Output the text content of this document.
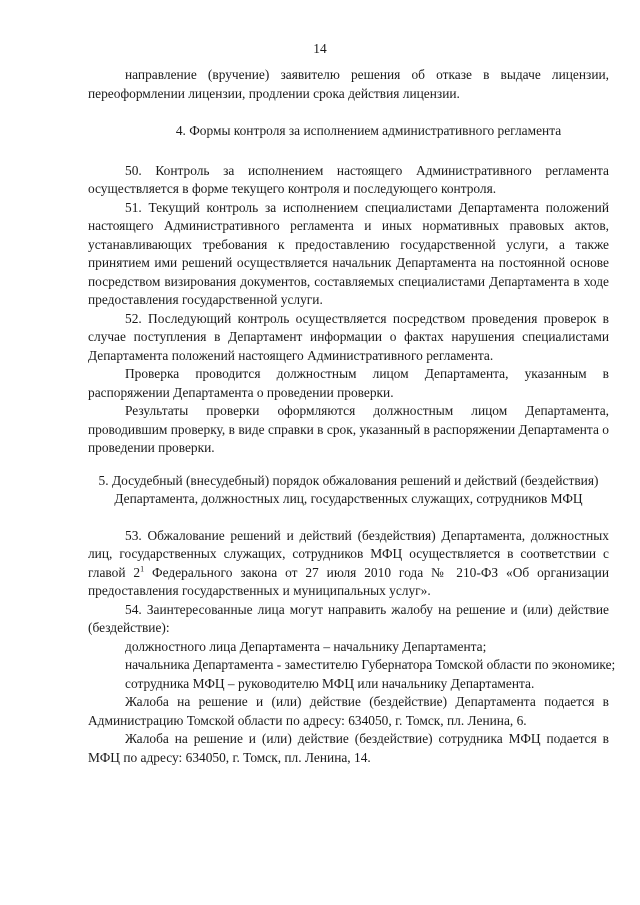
14

направление (вручение) заявителю решения об отказе в выдаче лицензии,

переоформлении лицензии, продлении срока действия лицензии.

4. Формы контроля за исполнением административного регламента

50. Контроль за исполнением настоящего Административного регламента осуществляется в форме текущего контроля и последующего контроля.

51. Текущий контроль за исполнением специалистами Департамента положений настоящего Административного регламента и иных нормативных правовых актов, устанавливающих требования к предоставлению государственной услуги, а также принятием ими решений осуществляется начальник Департамента на постоянной основе посредством визирования документов, составляемых специалистами Департамента в ходе предоставления государственной услуги.

52. Последующий контроль осуществляется посредством проведения проверок в случае поступления в Департамент информации о фактах нарушения специалистами Департамента положений настоящего Административного регламента.

Проверка проводится должностным лицом Департамента, указанным в распоряжении Департамента о проведении проверки.

Результаты проверки оформляются должностным лицом Департамента, проводившим проверку, в виде справки в срок, указанный в распоряжении Департамента о проведении проверки.

5. Досудебный (внесудебный) порядок обжалования решений и действий (бездействия)

Департамента, должностных лиц, государственных служащих, сотрудников МФЦ

53. Обжалование решений и действий (бездействия) Департамента, должностных лиц, государственных служащих, сотрудников МФЦ осуществляется в соответствии с главой $2^1$ Федерального закона от 27 июля 2010 года № 210-ФЗ «Об организации предоставления государственных и муниципальных услуг».

54. Заинтересованные лица могут направить жалобу на решение и (или) действие (бездействие):

должностного лица Департамента – начальнику Департамента;

начальника Департамента - заместителю Губернатора Томской области по экономике;

сотрудника МФЦ – руководителю МФЦ или начальнику Департамента.

Жалоба на решение и (или) действие (бездействие) Департамента подается в Администрацию Томской области по адресу: 634050, г. Томск, пл. Ленина, 6.

Жалоба на решение и (или) действие (бездействие) сотрудника МФЦ подается в МФЦ по адресу: 634050, г. Томск, пл. Ленина, 14.
